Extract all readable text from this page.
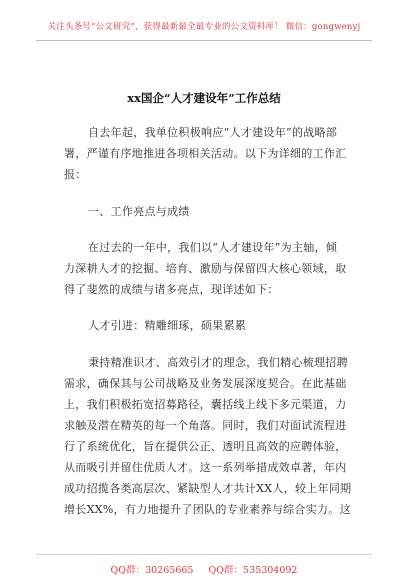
关注头条号“公文研究”，获得最新最全最专业的公文资料库！ 微信：gongwenyj
xx国企“人才建设年”工作总结
自去年起，我单位积极响应“人才建设年”的战略部
署，严谨有序地推进各项相关活动。以下为详细的工作汇
报：
一、工作亮点与成绩
在过去的一年中，我们以“人才建设年”为主轴，倾
力深耕人才的挖掘、培育、激励与保留四大核心领域，取
得了斐然的成绩与诸多亮点，现详述如下：
人才引进：精雕细琢，硕果累累
秉持精准识才、高效引才的理念，我们精心梳理招聘
需求，确保其与公司战略及业务发展深度契合。在此基础
上，我们积极拓宽招募路径，囊括线上线下多元渠道，力
求触及潜在精英的每一个角落。同时，我们对面试流程进
行了系统优化，旨在提供公正、透明且高效的应聘体验，
从而吸引并留住优质人才。这一系列举措成效卓著，年内
成功招揽各类高层次、紧缺型人才共计XX人，较上年同期
增长XX%，有力地提升了团队的专业素养与综合实力。这
QQ群：30265665 QQ群：535304092
